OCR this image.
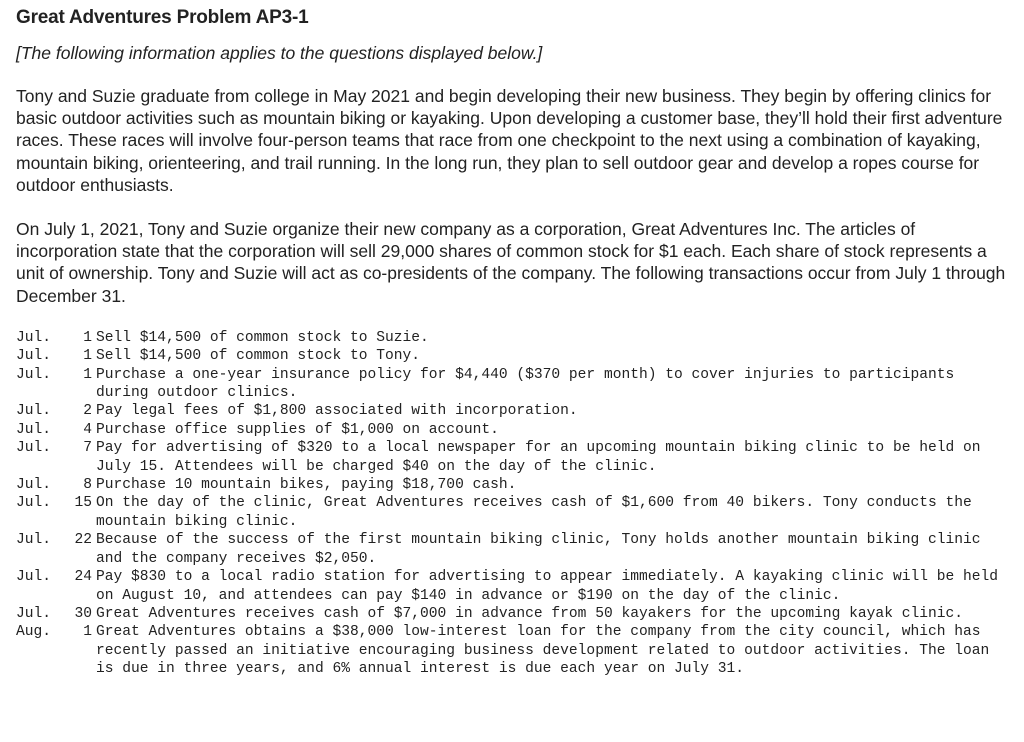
Great Adventures Problem AP3-1
[The following information applies to the questions displayed below.]

Tony and Suzie graduate from college in May 2021 and begin developing their new business. They begin by offering clinics for basic outdoor activities such as mountain biking or kayaking. Upon developing a customer base, they’ll hold their first adventure races. These races will involve four-person teams that race from one checkpoint to the next using a combination of kayaking, mountain biking, orienteering, and trail running. In the long run, they plan to sell outdoor gear and develop a ropes course for outdoor enthusiasts.

On July 1, 2021, Tony and Suzie organize their new company as a corporation, Great Adventures Inc. The articles of incorporation state that the corporation will sell 29,000 shares of common stock for $1 each. Each share of stock represents a unit of ownership. Tony and Suzie will act as co-presidents of the company. The following transactions occur from July 1 through December 31.

Jul. 1 Sell $14,500 of common stock to Suzie.
Jul. 1 Sell $14,500 of common stock to Tony.
Jul. 1 Purchase a one-year insurance policy for $4,440 ($370 per month) to cover injuries to participants during outdoor clinics.
Jul. 2 Pay legal fees of $1,800 associated with incorporation.
Jul. 4 Purchase office supplies of $1,000 on account.
Jul. 7 Pay for advertising of $320 to a local newspaper for an upcoming mountain biking clinic to be held on July 15. Attendees will be charged $40 on the day of the clinic.
Jul. 8 Purchase 10 mountain bikes, paying $18,700 cash.
Jul. 15 On the day of the clinic, Great Adventures receives cash of $1,600 from 40 bikers. Tony conducts the mountain biking clinic.
Jul. 22 Because of the success of the first mountain biking clinic, Tony holds another mountain biking clinic and the company receives $2,050.
Jul. 24 Pay $830 to a local radio station for advertising to appear immediately. A kayaking clinic will be held on August 10, and attendees can pay $140 in advance or $190 on the day of the clinic.
Jul. 30 Great Adventures receives cash of $7,000 in advance from 50 kayakers for the upcoming kayak clinic.
Aug. 1 Great Adventures obtains a $38,000 low-interest loan for the company from the city council, which has recently passed an initiative encouraging business development related to outdoor activities. The loan is due in three years, and 6% annual interest is due each year on July 31.
